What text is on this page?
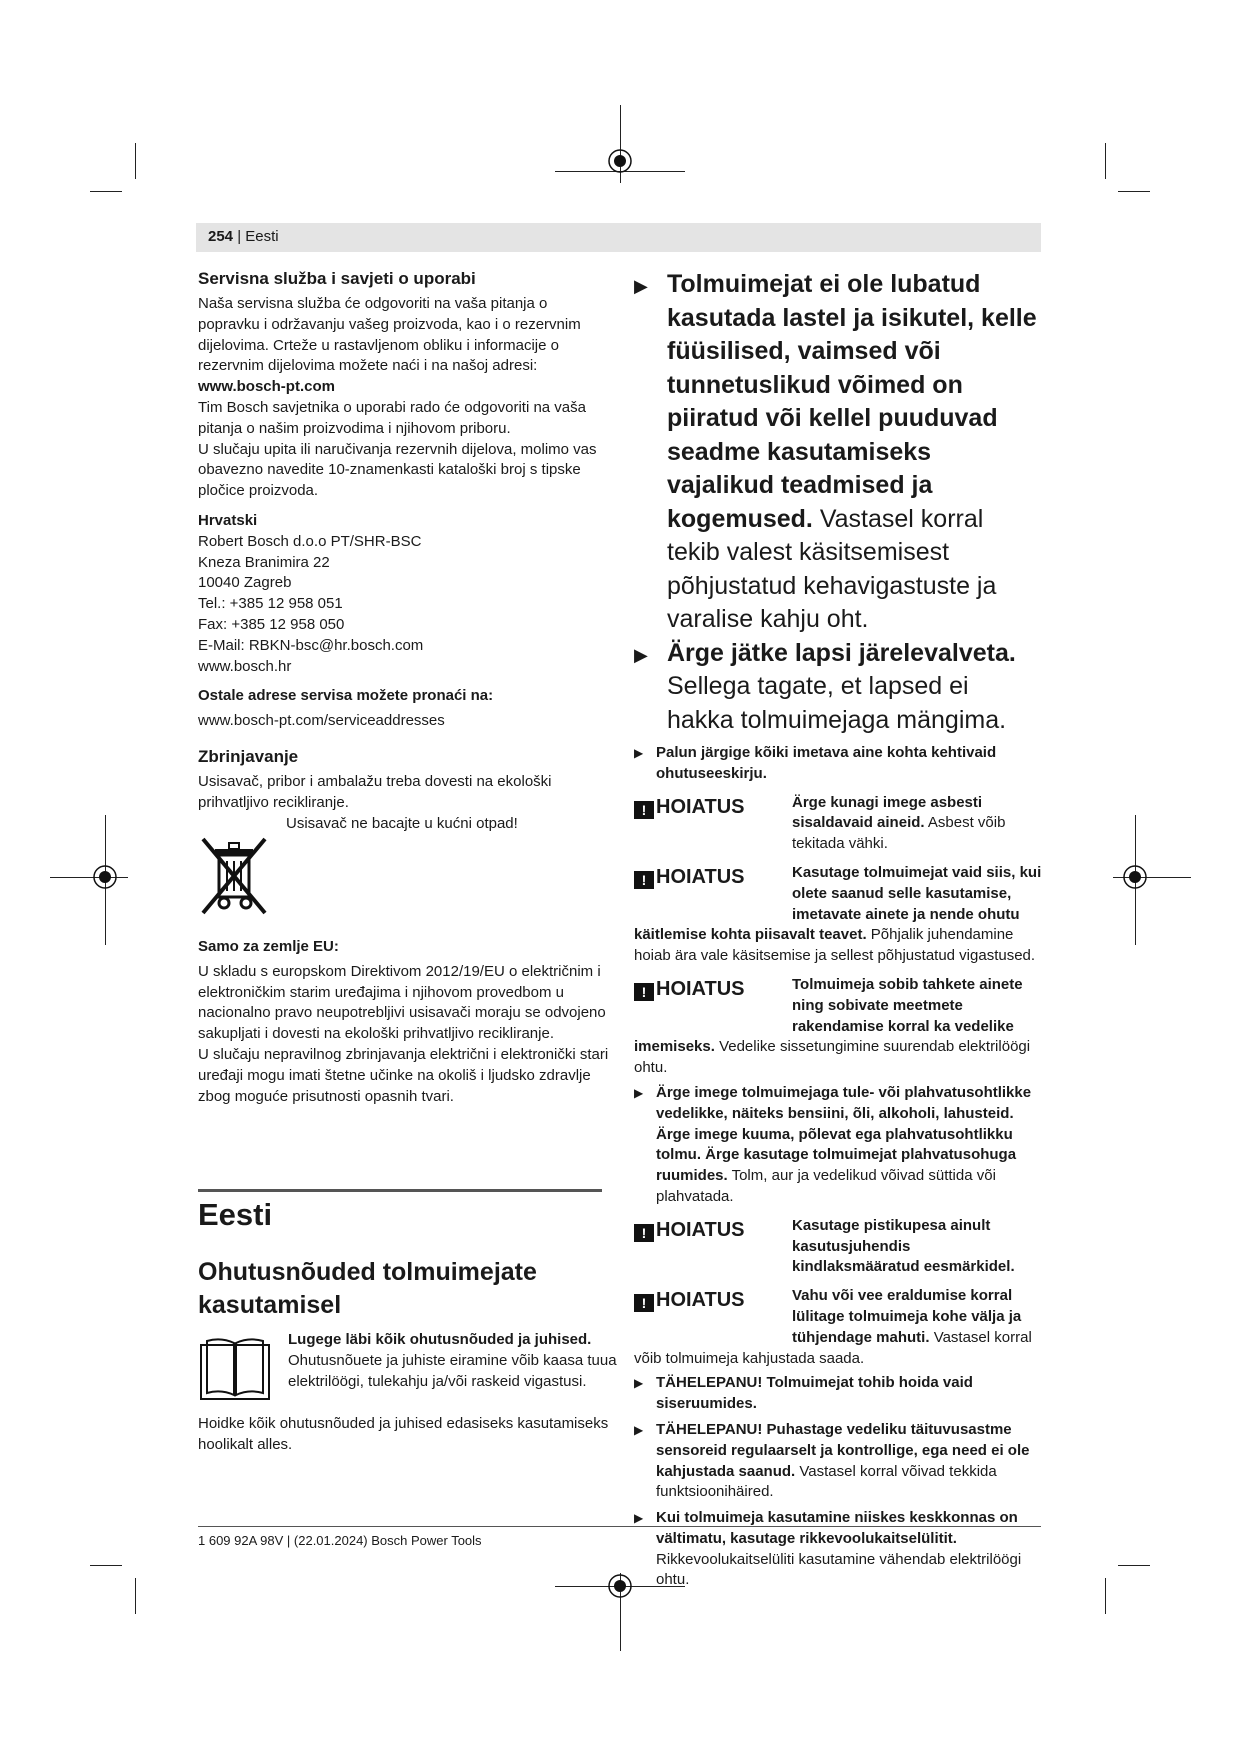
254 | Eesti

Servisna služba i savjeti o uporabi

Naša servisna služba će odgovoriti na vaša pitanja o popravku i održavanju vašeg proizvoda, kao i o rezervnim dijelovima. Crteže u rastavljenom obliku i informacije o rezervnim dijelovima možete naći i na našoj adresi:

www.bosch-pt.com

Tim Bosch savjetnika o uporabi rado će odgovoriti na vaša pitanja o našim proizvodima i njihovom priboru.

U slučaju upita ili naručivanja rezervnih dijelova, molimo vas obavezno navedite 10-znamenkasti kataloški broj s tipske pločice proizvoda.

Hrvatski

Robert Bosch d.o.o PT/SHR-BSC

Kneza Branimira 22

10040 Zagreb

Tel.: +385 12 958 051

Fax: +385 12 958 050

E-Mail: RBKN-bsc@hr.bosch.com

www.bosch.hr

Ostale adrese servisa možete pronaći na:

www.bosch-pt.com/serviceaddresses

Zbrinjavanje

Usisavač, pribor i ambalažu treba dovesti na ekološki prihvatljivo recikliranje.

Usisavač ne bacajte u kućni otpad!

Samo za zemlje EU:

U skladu s europskom Direktivom 2012/19/EU o električnim i elektroničkim starim uređajima i njihovom provedbom u nacionalno pravo neupotrebljivi usisavači moraju se odvojeno sakupljati i dovesti na ekološki prihvatljivo recikliranje.

U slučaju nepravilnog zbrinjavanja električni i elektronički stari uređaji mogu imati štetne učinke na okoliš i ljudsko zdravlje zbog moguće prisutnosti opasnih tvari.

Eesti
Ohutusnõuded tolmuimejate kasutamisel

Lugege läbi kõik ohutusnõuded ja juhised.

Ohutusnõuete ja juhiste eiramine võib kaasa tuua elektrilöögi, tulekahju ja/või raskeid vigastusi.

Hoidke kõik ohutusnõuded ja juhised edasiseks kasutamiseks hoolikalt alles.
▶ Tolmuimejat ei ole lubatud kasutada lastel ja isikutel, kelle füüsilised, vaimsed või tunnetuslikud võimed on piiratud või kellel puuduvad seadme kasutamiseks vajalikud teadmised ja kogemused. Vastasel korral tekib valest käsitsemisest põhjustatud kehavigastuste ja varalise kahju oht.
▶ Ärge jätke lapsi järelevalveta. Sellega tagate, et lapsed ei hakka tolmuimejaga mängima.
▶ Palun järgige kõiki imetava aine kohta kehtivaid ohutuseeskirju.
! HOIATUS	Ärge kunagi imege asbesti sisaldavaid aineid. Asbest võib tekitada vähki.
! HOIATUS	Kasutage tolmuimejat vaid siis, kui olete saanud selle kasutamise, imetavate ainete ja nende ohutu käitlemise kohta piisavalt teavet. Põhjalik juhendamine hoiab ära vale käsitsemise ja sellest põhjustatud vigastused.
! HOIATUS	Tolmuimeja sobib tahkete ainete ning sobivate meetmete rakendamise korral ka vedelike imemiseks. Vedelike sissetungimine suurendab elektrilöögi ohtu.
▶ Ärge imege tolmuimejaga tule- või plahvatusohtlikke vedelikke, näiteks bensiini, õli, alkoholi, lahusteid. Ärge imege kuuma, põlevat ega plahvatusohtlikku tolmu. Ärge kasutage tolmuimejat plahvatusohuga ruumides. Tolm, aur ja vedelikud võivad süttida või plahvatada.
! HOIATUS	Kasutage pistikupesa ainult kasutusjuhendis kindlaksmääratud eesmärkidel.
! HOIATUS	Vahu või vee eraldumise korral lülitage tolmuimeja kohe välja ja tühjendage mahuti. Vastasel korral võib tolmuimeja kahjustada saada.
▶ TÄHELEPANU! Tolmuimejat tohib hoida vaid siseruumides.
▶ TÄHELEPANU! Puhastage vedeliku täituvusastme sensoreid regulaarselt ja kontrollige, ega need ei ole kahjustada saanud. Vastasel korral võivad tekkida funktsioonihäired.
▶ Kui tolmuimeja kasutamine niiskes keskkonnas on vältimatu, kasutage rikkevoolukaitselülitit. Rikkevoolukaitselüliti kasutamine vähendab elektrilöögi ohtu.
1 609 92A 98V | (22.01.2024) Bosch Power Tools
